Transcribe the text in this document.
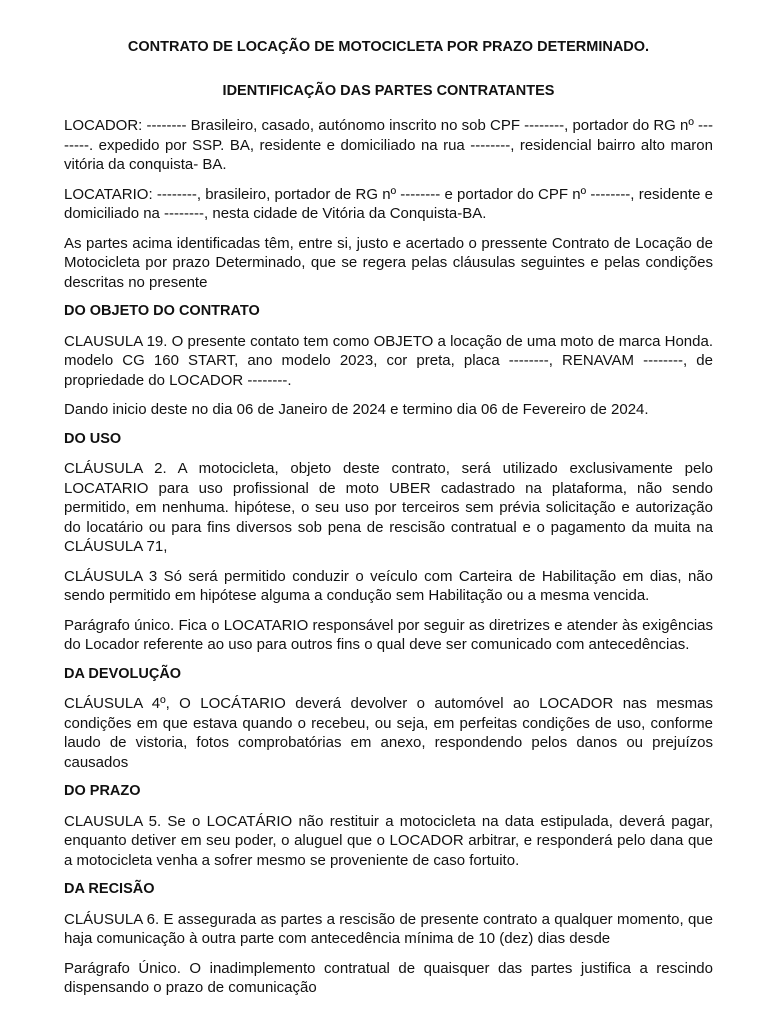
CONTRATO DE LOCAÇÃO DE MOTOCICLETA POR PRAZO DETERMINADO.
IDENTIFICAÇÃO DAS PARTES CONTRATANTES

LOCADOR: -------- Brasileiro, casado, autónomo inscrito no sob CPF --------, portador do RG nº --------. expedido por SSP. BA, residente e domiciliado na rua --------, residencial bairro alto maron vitória da conquista- BA.

LOCATARIO: --------, brasileiro, portador de RG nº -------- e portador do CPF nº --------, residente e domiciliado na --------, nesta cidade de Vitória da Conquista-BA.

As partes acima identificadas têm, entre si, justo e acertado o pressente Contrato de Locação de Motocicleta por prazo Determinado, que se regera pelas cláusulas seguintes e pelas condições descritas no presente

DO OBJETO DO CONTRATO

CLAUSULA 19. O presente contato tem como OBJETO a locação de uma moto de marca Honda. modelo CG 160 START, ano modelo 2023, cor preta, placa --------, RENAVAM --------, de propriedade do LOCADOR --------.

Dando inicio deste no dia 06 de Janeiro de 2024 e termino dia 06 de Fevereiro de 2024.

DO USO

CLÁUSULA 2. A motocicleta, objeto deste contrato, será utilizado exclusivamente pelo LOCATARIO para uso profissional de moto UBER cadastrado na plataforma, não sendo permitido, em nenhuma. hipótese, o seu uso por terceiros sem prévia solicitação e autorização do locatário ou para fins diversos sob pena de rescisão contratual e o pagamento da muita na CLÁUSULA 71,

CLÁUSULA 3 Só será permitido conduzir o veículo com Carteira de Habilitação em dias, não sendo permitido em hipótese alguma a condução sem Habilitação ou a mesma vencida.

Parágrafo único. Fica o LOCATARIO responsável por seguir as diretrizes e atender às exigências do Locador referente ao uso para outros fins o qual deve ser comunicado com antecedências.

DA DEVOLUÇÃO

CLÁUSULA 4º, O LOCÁTARIO deverá devolver o automóvel ao LOCADOR nas mesmas condições em que estava quando o recebeu, ou seja, em perfeitas condições de uso, conforme laudo de vistoria, fotos comprobatórias em anexo, respondendo pelos danos ou prejuízos causados

DO PRAZO

CLAUSULA 5. Se o LOCATÁRIO não restituir a motocicleta na data estipulada, deverá pagar, enquanto detiver em seu poder, o aluguel que o LOCADOR arbitrar, e responderá pelo dana que a motocicleta venha a sofrer mesmo se proveniente de caso fortuito.

DA RECISÃO

CLÁUSULA 6. E assegurada as partes a rescisão de presente contrato a qualquer momento, que haja comunicação à outra parte com antecedência mínima de 10 (dez) dias desde

Parágrafo Único. O inadimplemento contratual de quaisquer das partes justifica a rescindo dispensando o prazo de comunicação
